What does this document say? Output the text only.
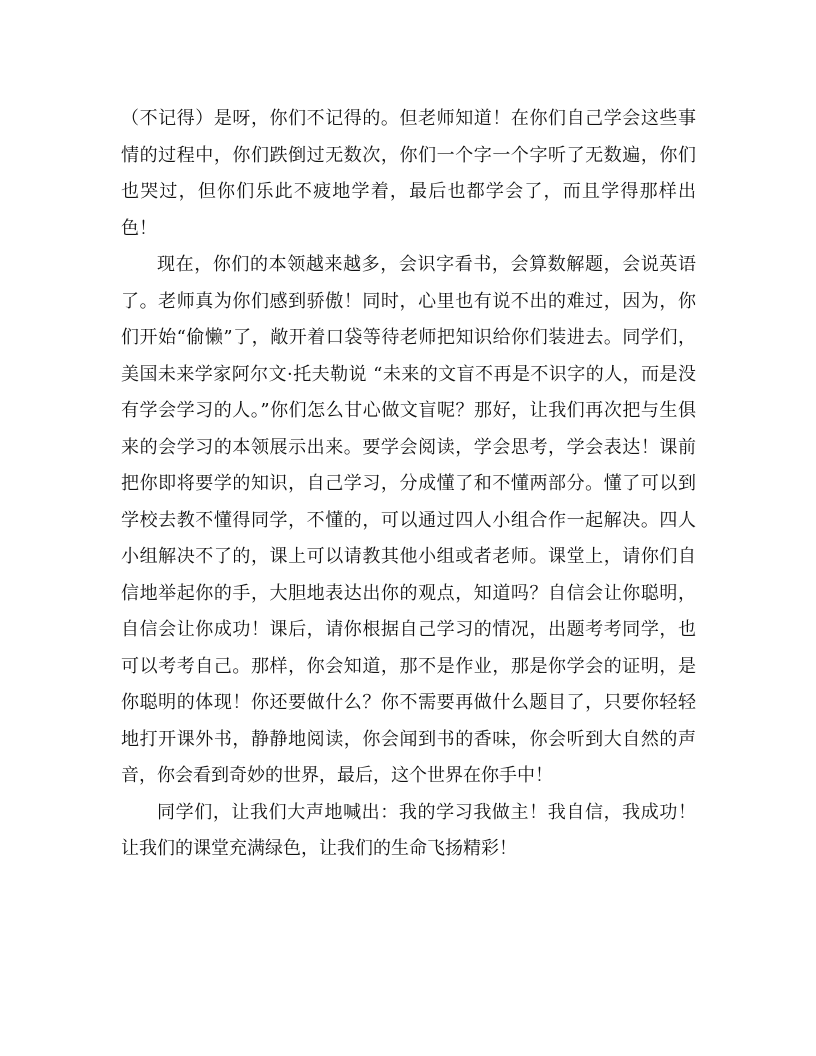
（不记得）是呀，你们不记得的。但老师知道！在你们自己学会这些事情的过程中，你们跌倒过无数次，你们一个字一个字听了无数遍，你们也哭过，但你们乐此不疲地学着，最后也都学会了，而且学得那样出色！

现在，你们的本领越来越多，会识字看书，会算数解题，会说英语了。老师真为你们感到骄傲！同时，心里也有说不出的难过，因为，你们开始“偷懒”了，敞开着口袋等待老师把知识给你们装进去。同学们，美国未来学家阿尔文·托夫勒说 “未来的文盲不再是不识字的人，而是没有学会学习的人。”你们怎么甘心做文盲呢？那好，让我们再次把与生俱来的会学习的本领展示出来。要学会阅读，学会思考，学会表达！课前把你即将要学的知识，自己学习，分成懂了和不懂两部分。懂了可以到学校去教不懂得同学，不懂的，可以通过四人小组合作一起解决。四人小组解决不了的，课上可以请教其他小组或者老师。课堂上，请你们自信地举起你的手，大胆地表达出你的观点，知道吗？自信会让你聪明，自信会让你成功！课后，请你根据自己学习的情况，出题考考同学，也可以考考自己。那样，你会知道，那不是作业，那是你学会的证明，是你聪明的体现！你还要做什么？你不需要再做什么题目了，只要你轻轻地打开课外书，静静地阅读，你会闻到书的香味，你会听到大自然的声音，你会看到奇妙的世界，最后，这个世界在你手中！

同学们，让我们大声地喊出：我的学习我做主！我自信，我成功！让我们的课堂充满绿色，让我们的生命飞扬精彩！
